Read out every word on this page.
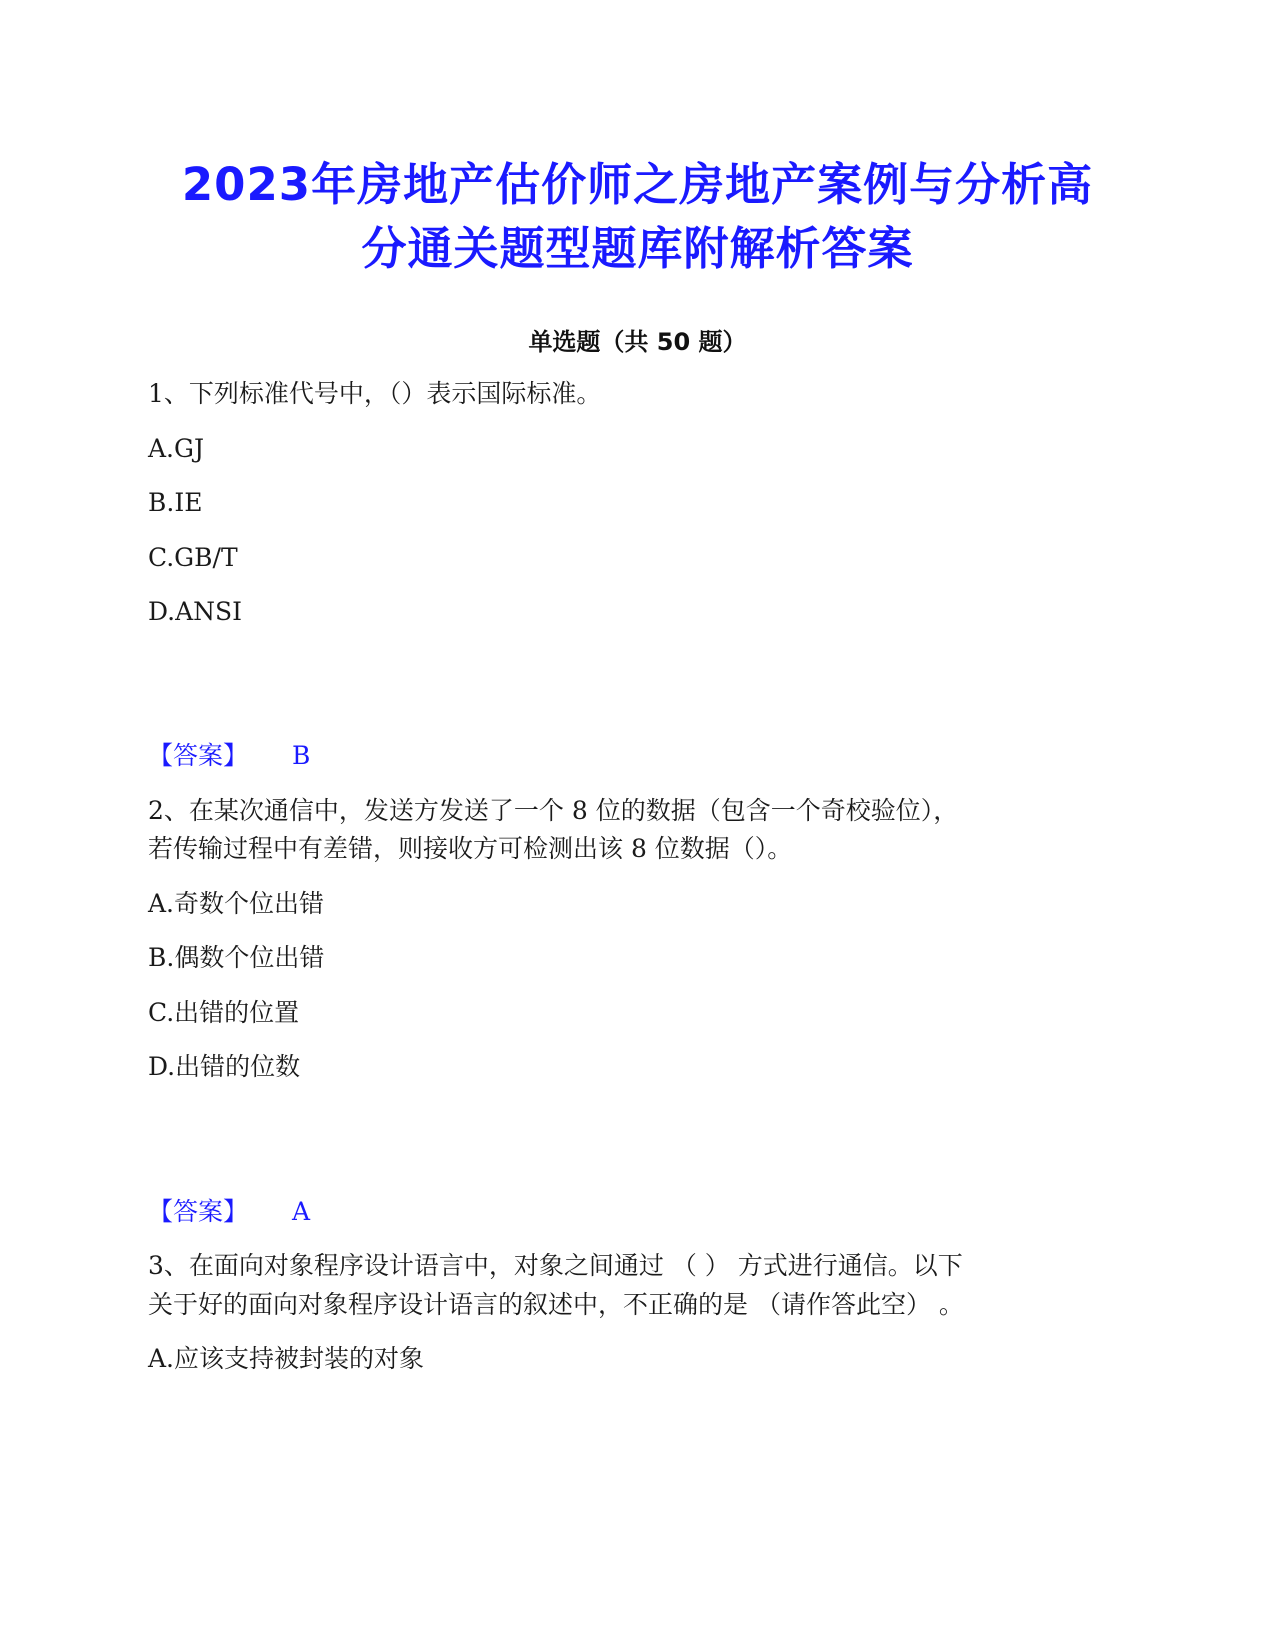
2023年房地产估价师之房地产案例与分析高
分通关题型题库附解析答案
单选题（共 50 题）
1、下列标准代号中，（）表示国际标准。
A.GJ
B.IE
C.GB/T
D.ANSI
【答案】 B
2、在某次通信中，发送方发送了一个 8 位的数据（包含一个奇校验位），
若传输过程中有差错，则接收方可检测出该 8 位数据（）。
A.奇数个位出错
B.偶数个位出错
C.出错的位置
D.出错的位数
【答案】 A
3、在面向对象程序设计语言中，对象之间通过 （ ） 方式进行通信。以下
关于好的面向对象程序设计语言的叙述中，不正确的是 （请作答此空） 。
A.应该支持被封装的对象
